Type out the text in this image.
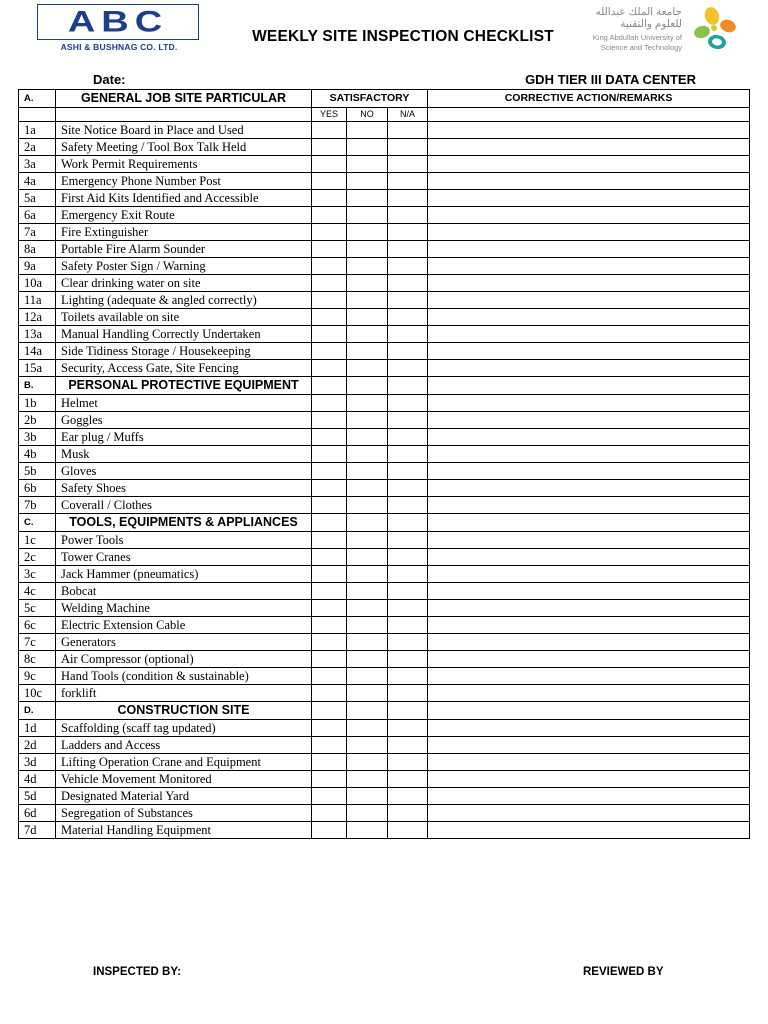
ABC
ASHI & BUSHNAG CO. LTD.
WEEKLY SITE INSPECTION CHECKLIST
جامعة الملك عبدالله
للعلوم والتقنية
King Abdullah University of
Science and Technology
Date:	GDH TIER III DATA CENTER
A.	GENERAL JOB SITE PARTICULAR	SATISFACTORY			CORRECTIVE ACTION/REMARKS
		YES	NO	N/A	
1a	Site Notice Board in Place and Used				
2a	Safety Meeting / Tool Box Talk Held				
3a	Work Permit Requirements				
4a	Emergency Phone Number Post				
5a	First Aid Kits Identified and Accessible				
6a	Emergency Exit Route				
7a	Fire Extinguisher				
8a	Portable Fire Alarm Sounder				
9a	Safety Poster Sign / Warning				
10a	Clear drinking water on site				
11a	Lighting (adequate & angled correctly)				
12a	Toilets available on site				
13a	Manual Handling Correctly Undertaken				
14a	Side Tidiness Storage / Housekeeping				
15a	Security, Access Gate, Site Fencing				
B.	PERSONAL PROTECTIVE EQUIPMENT				
1b	Helmet				
2b	Goggles				
3b	Ear plug / Muffs				
4b	Musk				
5b	Gloves				
6b	Safety Shoes				
7b	Coverall / Clothes				
C.	TOOLS, EQUIPMENTS & APPLIANCES				
1c	Power Tools				
2c	Tower Cranes				
3c	Jack Hammer (pneumatics)				
4c	Bobcat				
5c	Welding Machine				
6c	Electric Extension Cable				
7c	Generators				
8c	Air Compressor (optional)				
9c	Hand Tools (condition & sustainable)				
10c	forklift				
D.	CONSTRUCTION SITE				
1d	Scaffolding (scaff tag updated)				
2d	Ladders and Access				
3d	Lifting Operation Crane and Equipment				
4d	Vehicle Movement Monitored				
5d	Designated Material Yard				
6d	Segregation of Substances				
7d	Material Handling Equipment				
INSPECTED BY:	REVIEWED BY
